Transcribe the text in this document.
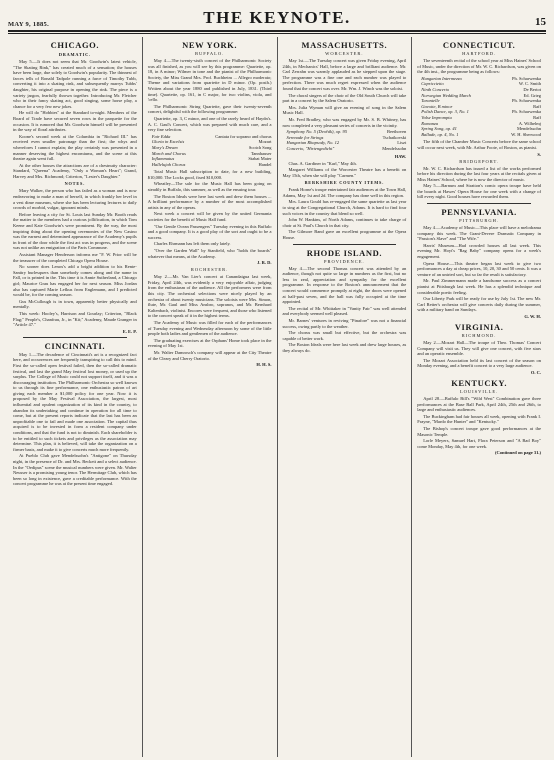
MAY 9, 1885.	THE KEYNOTE.	15
CHICAGO.
DRAMATIC.

May 5.—It does not seem that Mr. Goodwin's latest vehicle, "The Skating Rink," has created much of a sensation; the houses have been large, due solely to Goodwin's popularity. The thinnest of farces tells of Ronald Tadpole running a farce of Timothy Tubb, converting it into a skating rink, and subsequently marrys Tubbs' daughter, his original purpose in opening the rink. The piece is a variety jargon, fearfully thrown together. Introducing Mr. Fletcher who in their fancy skating act, good singing, some horse play, a chance for a very few new jokes.

He will do "Hobbies" at the Standard to-night. Members of the Board of Trade have secured seven rows in the parquette for the occasion. It is rumored that Mr. Goodwin himself will be presented in the way of floral attributes.

Koone's second week at the Columbia in "Richard III." has received even smaller patronage than the first; the whys and wherefores I cannot explain; the play certainly was presented in a manner deserving the highest encomiums, and the scene at this theatre again went full.

At the other houses the attractions are of a chestnutty character: Standard, "Queena" Academy, "Only a Woman's Heart"; Grand, Harvey and Mrs. Richmond; Criterion, "Lester's Daughter."

NOTES.

Mary Walker, the person who has failed as a woman and is now endeavoring to make a man of herself, in which frankly her level in a vest dime museum, where she has been lecturing lectures to daily crowds of morbid, vulgar, ignorant minds.

Before leaving a city for St. Louis last Sunday Mr. Booth reads the matter to the members had a curious jollification, in which Tom Keene and Kate Goodwin's were prominent. By the way, the most inspiring thing about the opening ceremonies of the New Casino was the earnest and determined appearance of the Academy's pupils in front of the door while the first act was in progress, and the scene was not unlike an emigration of the Paris Commune.

Assistant Manager Henderson informs me "F. W. Prior will be the treasurer of the completed Chicago Opera House.

No sooner does Lenox's add a bright addition to his Rente-Sanitry burlesquers than somebody comes along and the name in Fall, or is printed in the. This time it is Annie Sutherland, a Chicago girl; Maurice Grau has engaged her for next season. Miss Jordan also has captured Marie Lefkus from Englemann, and I predicted would be, for the coming season.

Gus McCullough is in town, apparently better physically and mentally.

This week: Hooley's, Harrison and Gourlay; Criterion, "Black Flag;" People's, Chanfrau, Jr., in "Kit;" Academy, Maude Granger in "Article 47."

E. E. P.
CINCINNATI.

May 1.—The decadence of Cincinnati's art is a recognized fact here, and occurrences are frequently transpiring to call this to mind. First the so-called open festival failed, then the so-called dramatic festival, and last the grand May festival lost money, or used up the surplus. The College of Music could not support itself, and it was a discouraging institution. The Philharmonic Orchestra so well known to us through its fine performance, one enthusiastic patron of art giving each member a $1,000 policy for one year. Now it is proposed by the May Festival Association, the largest, most influential and opulent organization of its kind in the country, to abandon its undertaking and continue in operation for all time to come, but at the present reports indicate that the last has been an unprofitable one to fail and made one association. The capital thus acquired is to be invested in form a resident company under conditions, and that the fund is not to diminish. Each shareholder is to be entitled to such tickets and privileges as the association may determine. This plan, it is believed, will take the organization on a firmer basis, and make it to give concerts much more frequently.

At Pueblo Club gave Mendelssohn's "Antigone" on Thursday night, in the presence of Dr. and Mrs. Beckett and a select audience. In the "Oedipus" scene the musical numbers were given. Mr. Walter Neusser is a promising young tenor. The Hermitage Club, which has been so long in existence, gave a creditable performance. With the concert programme he was at the present time engaged.

NEW YORK.
BUFFALO.

May 4.—The twenty-sixth concert of the Philharmonic Society was all finished, as you will see by this programme: Quartette, op. 18, in A minor; Wilmer in tone and the pianist of the Philharmonic Society, the Miss Grand Mrs. Prof. Buchheim ... Allegro moderato; Theme and variations from quartette in D minor. (Op. posth.) Written about the year 1880 and published in July, 1831. (Third time). Quartette, op. 161, in C major, for two violins, viola, and 'cello.

The Philharmonic String Quartette, gave their twenty-seventh concert, delightful with the following programme:

Quartette, op. 3, C minor, and one of the rarely heard of Haydn's. A. C. Gaul's Concert, which was prepared with much care, and a very fine selection.

Fair Edda	Cantata for soprano and chorus
Gloria in Excelsis	Mozart
Mary's Dream	Scotch Song
March and Chorus	Tannhauser
Inflammatus	Stabat Mater
Hallelujah Chorus	Handel

Total Music Hall subscription to date, for a new building, $10,000. The Locks good, fixed $10,000.

Wheatley—The sale for the Music Hall has been going on steadily in Buffalo, this summer, as well as the ensuing tour.

The Boston Ideals were here last week and drew them houses ... A brilliant performance by a number of the most accomplished artists in any of the operas.

Next week a concert will be given by the united Germania societies for the benefit of Music Hall fund.

"Our Gentle Ocean Passengers" Tuesday evening in this Buffalo and a good company. It is a good play of the sort and ought to be a success.

Charles Ehrmann has left them only lately.

"Over the Garden Wall" by Stanfield, who "holds the boards" whatever that means, at the Academy.

J. R. D.
ROCHESTER.

May 2.—Mr. Van Lier's concert at Canandaigua last week, Friday, April 24th, was evidently a very enjoyable affair, judging from the enthusiasm of the audience. All the performers were from this city. The orchestral selections were nicely played by an orchestra of about twenty musicians. The soloists were Mrs. Simon, flute, Mr. Gaul and Miss Ansbro, sopranos, and Mr. Bernhard Kaltenbach, violinist. Encores were frequent, and those who listened to the concert speak of it in the highest terms.

The Academy of Music was filled for each of the performances of Tuesday evening and Wednesday afternoon by some of the little people both ladies and gentlemen of the audience.

The graduating exercises at the Orphans' Home took place in the evening of May 1st.

Mr. Walter Damrosch's company will appear at the City Theatre of the Cleary and Cherry Oratorio.

H. H. S.
MASSACHUSETTS.
WORCESTER.

May 1st.—The Tuesday concert was given Friday evening, April 24th, in Mechanics' Hall, before a large and brilliant audience. Mr. Carl Zerrahn was warmly applauded as he stepped upon the stage. The programme was a fine one and each number was played to perfection. There was much regret expressed when the audience found that the concert was over. Mr. Wm. J. Winch was the soloist.

The choral singers of the choir of the Old South Church will take part in a concert by the Salem Oratorio.

Mrs. Julia Wyman will give an evening of song in the Salem Music Hall.

Mr. Fred Bradley, who was engaged by Mr. S. B. Whitney, has now completed a very pleasant series of concerts in the vicinity.

Symphony No. 5 (Dvořák), op. 95	Beethoven
Serenade for Strings	Tschaikovski
Hungarian Rhapsody, No. 12	Liszt
Concerto, "Hirtengedicht"	Mendelssohn
HAW.

Chas. A. Gardiner in "Karl," May 4th.

Margaret Williams of the Worcester Theatre has a benefit on May 15th, when she will play "Carmen."

BERKSHIRE COUNTY ITEMS.

Frank Horne's troupe entertained fair audiences at the Town Hall, Adams, May 1st and 2d. The company has done well in this region.

Mrs. Laura Gould has re-engaged the same quartette as last year to sing at the Congregational Church, Adams. It is hard to find four such voices in the country that blend so well.

John W. Hankins, of North Adams, continues to take charge of choir at St. Paul's Church in that city.

The Gilmore Band gave an excellent programme at the Opera House.

RHODE ISLAND.
PROVIDENCE.

May 4.—The second Thomas concert was attended by an audience, though not quite so large in numbers as the first, but no less in zeal, appreciation and sympathy for the excellent programme. In response to the Boston's announcement that the concert would commence promptly at eight, the doors were opened at half-past seven, and the hall was fully occupied at the time appointed.

The recital of Mr. Whittaker in "Vanity Fair" was well attended and everybody seemed well pleased.

Mr. Barnes' ventures in reviving "Pinafore" was not a financial success, owing partly to the weather.

The chorus was small but effective, but the orchestra was capable of better work.

The Boston Ideals were here last week and drew large houses, as they always do.

CONNECTICUT.
HARTFORD.

The seventeenth recital of the school year at Miss Haines' School of Music, under the direction of Mr. W. C. Richardson, was given on the 4th inst., the programme being as follows:

Hungarian Intermezzo	Ph. Scharwenka
Capriccietto	W. C. Smith
Ninth Concerto	De Beriot
Norwegian Wedding March	Ed. Grieg
Tarantelle	Ph. Scharwenka
Gavotte, B minor	Raff
Polish Dance, op. 3, No. 1	Ph. Scharwenka
Valse Impromptu	Raff
Romanza	A. Wilhelmj
Spring Song, op. 41	Mendelssohn
Ballade, op. 4, No. 1	W. H. Sherwood

The fifth of the Chamber Music Concerts before the same school will occur next week, with Mr. Arthur Foote, of Boston, as pianist.

S.
BRIDGEPORT.

Mr. W. C. Richardson has issued a list of the works performed before his direction during the last four years at the recitals given at Miss Haines' School, where he is now the director of music.

May 5.—Barnum and Stratton's comic opera troupe have held the boards at Hawes' Opera House for one week with a change of bill every night. Good houses have rewarded them.

PENNSYLVANIA.
PITTSBURGH.

May 4.—Academy of Music—This place will have a melodrama company this week. The Grant-Devere Dramatic Company in "Passion's Slave" and "The Wife."

Harris' Museum—Had crowded houses all last week. This evening Mr. Hoyt's "Rag Baby" company opens for a week's engagement.

Opera House.—This theatre began last week to give two performances a day at cheap prices, 10, 20, 30 and 50 cents. It was a venture of an untried sort, but so far the result is satisfactory.

Mr. Paul Zimmermann made a handsome success as a concert pianist at Pittsburgh last week. He has a splendid technique and considerable poetic feeling.

Our Liberty Park will be ready for use by July 1st. The new Mr. Carl Retter's orchestra will give concerts daily during the summer, with a military band on Sundays.

G. W. H.
VIRGINIA.
RICHMOND.

May 2.—Mozart Hall—The troupe of Theo. Thomas' Concert Company will visit us. They will give one concert, with five stars and an operatic ensemble.

The Mozart Association held its last concert of the season on Monday evening, and a benefit concert to a very large audience.

O. C.
KENTUCKY.
LOUISVILLE.

April 28.—Buffalo Bill's "Wild West" Combination gave three performances at the Base Ball Park, April 24th, 25th and 26th, to large and enthusiastic audiences.

The Buckingham had fair houses all week, opening with Frank I. Frayne, "Mardo the Hunter" and "Kentucky."

The Bishop's concert troupe gave good performances at the Masonic Temple.

Lorle Meyers, Samuel Hart, Flora Peterson and "A Bad Boy" come Monday, May 4th, for one week.

(Continued on page 31.)
